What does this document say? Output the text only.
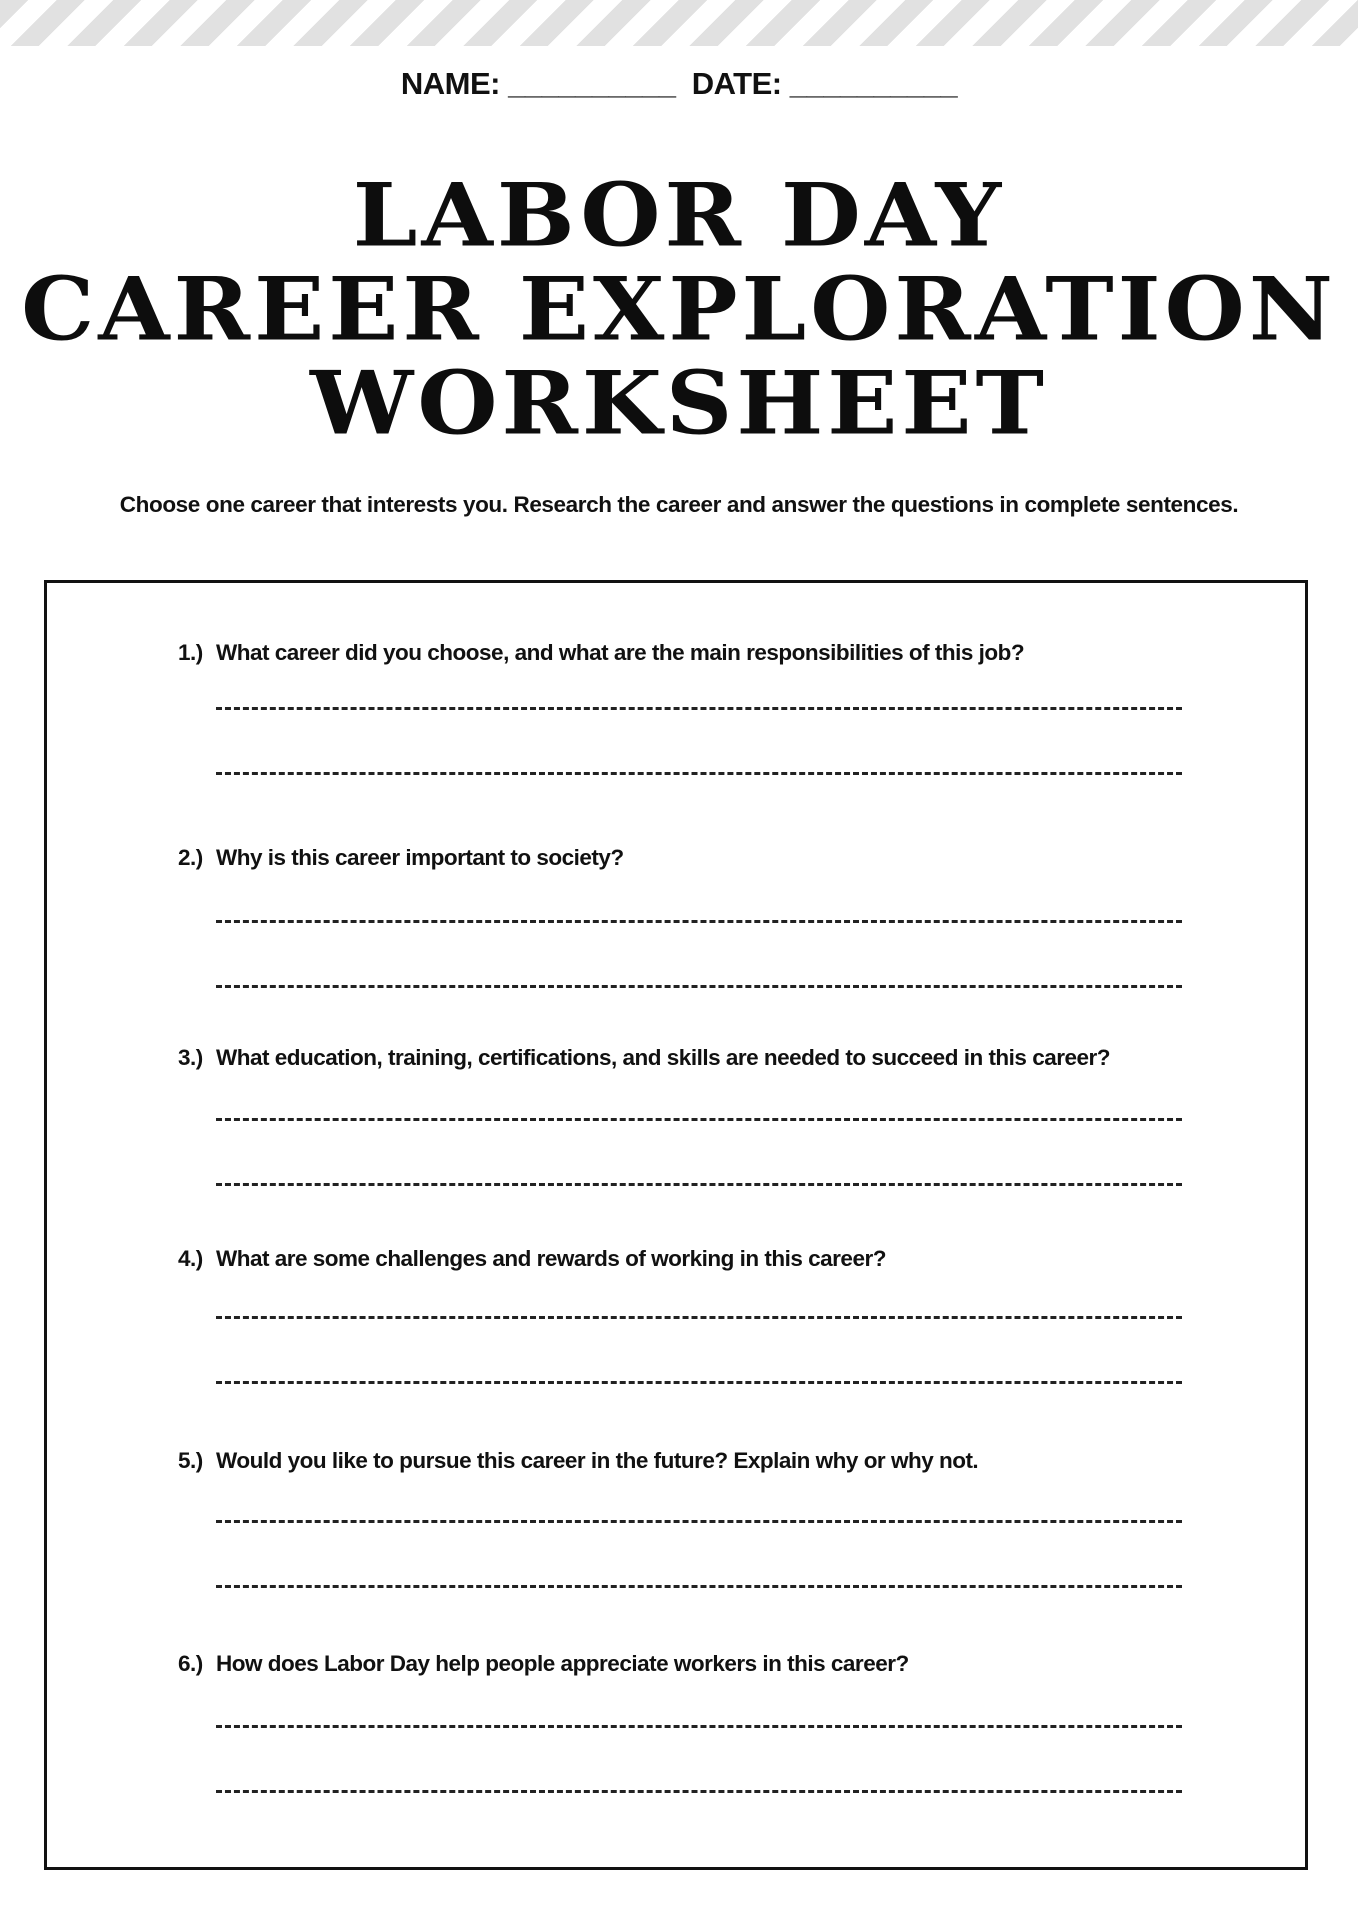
NAME: __________  DATE: __________
LABOR DAY
CAREER EXPLORATION
WORKSHEET
Choose one career that interests you. Research the career and answer the questions in complete sentences.
1.) What career did you choose, and what are the main responsibilities of this job?
2.) Why is this career important to society?
3.) What education, training, certifications, and skills are needed to succeed in this career?
4.) What are some challenges and rewards of working in this career?
5.) Would you like to pursue this career in the future? Explain why or why not.
6.) How does Labor Day help people appreciate workers in this career?
